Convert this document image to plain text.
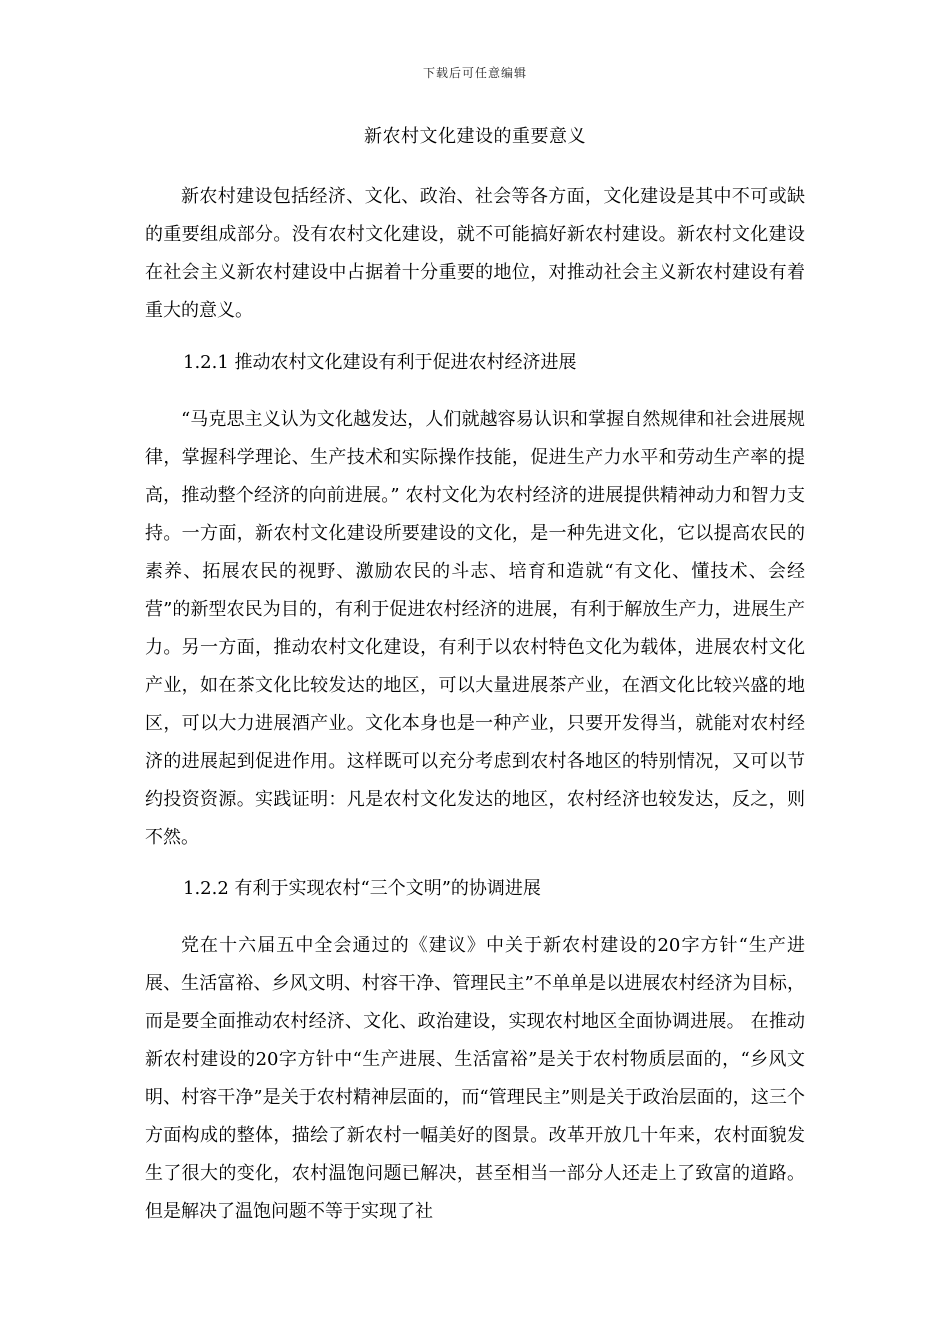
下载后可任意编辑
新农村文化建设的重要意义

新农村建设包括经济、文化、政治、社会等各方面，文化建设是其中不可或缺的重要组成部分。没有农村文化建设，就不可能搞好新农村建设。新农村文化建设在社会主义新农村建设中占据着十分重要的地位，对推动社会主义新农村建设有着重大的意义。

1.2.1 推动农村文化建设有利于促进农村经济进展

“马克思主义认为文化越发达，人们就越容易认识和掌握自然规律和社会进展规律，掌握科学理论、生产技术和实际操作技能，促进生产力水平和劳动生产率的提高，推动整个经济的向前进展。” 农村文化为农村经济的进展提供精神动力和智力支持。一方面，新农村文化建设所要建设的文化，是一种先进文化，它以提高农民的素养、拓展农民的视野、激励农民的斗志、培育和造就“有文化、懂技术、会经营”的新型农民为目的，有利于促进农村经济的进展，有利于解放生产力，进展生产力。另一方面，推动农村文化建设，有利于以农村特色文化为载体，进展农村文化产业，如在茶文化比较发达的地区，可以大量进展茶产业，在酒文化比较兴盛的地区，可以大力进展酒产业。文化本身也是一种产业，只要开发得当，就能对农村经济的进展起到促进作用。这样既可以充分考虑到农村各地区的特别情况，又可以节约投资资源。实践证明：凡是农村文化发达的地区，农村经济也较发达，反之，则不然。

1.2.2 有利于实现农村“三个文明”的协调进展

党在十六届五中全会通过的《建议》中关于新农村建设的20字方针“生产进展、生活富裕、乡风文明、村容干净、管理民主”不单单是以进展农村经济为目标，而是要全面推动农村经济、文化、政治建设，实现农村地区全面协调进展。 在推动新农村建设的20字方针中“生产进展、生活富裕”是关于农村物质层面的，“乡风文明、村容干净”是关于农村精神层面的，而“管理民主”则是关于政治层面的，这三个方面构成的整体，描绘了新农村一幅美好的图景。改革开放几十年来，农村面貌发生了很大的变化，农村温饱问题已解决，甚至相当一部分人还走上了致富的道路。但是解决了温饱问题不等于实现了社
